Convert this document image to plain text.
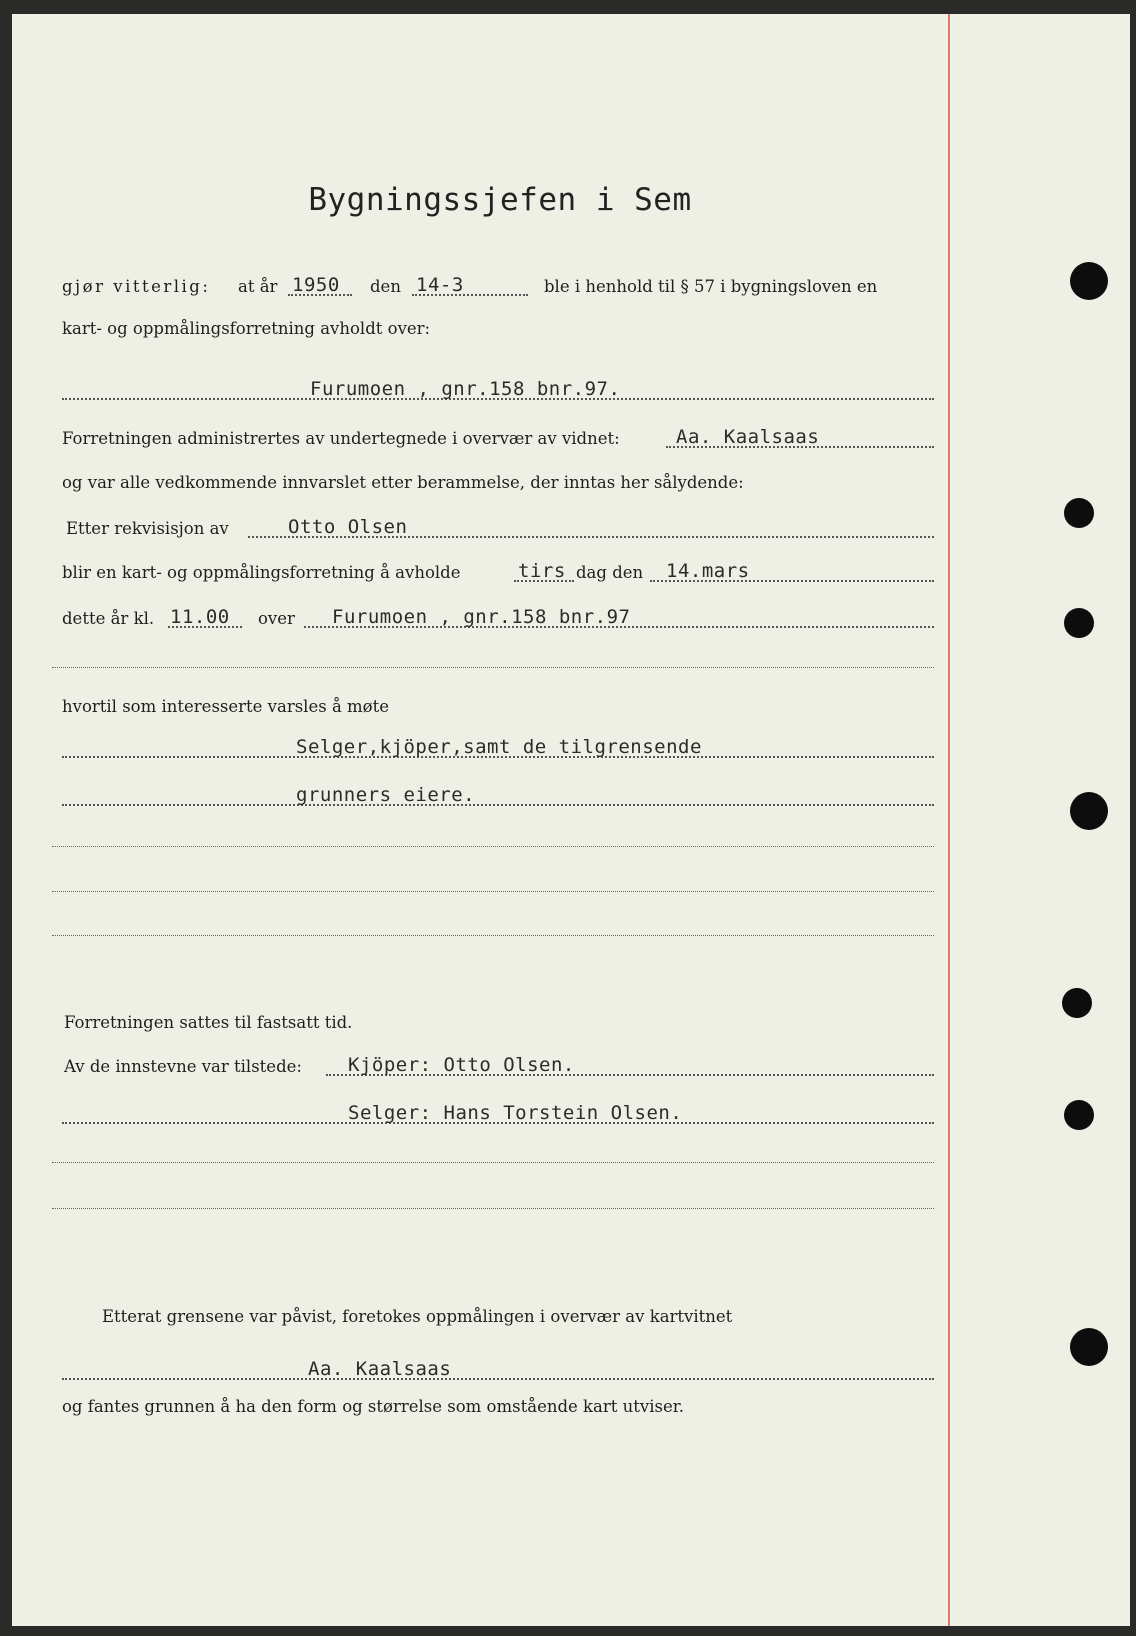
Bygningssjefen i Sem
gjør vitterlig: at år 1950 den 14-3	ble i henhold til § 57 i bygningsloven en
kart- og oppmålingsforretning avholdt over:
Furumoen , gnr.158 bnr.97.
Forretningen administrertes av undertegnede i overvær av vidnet:	Aa. Kaalsaas
og var alle vedkommende innvarslet etter berammelse, der inntas her sålydende:
Etter rekvisisjon av	Otto Olsen
blir en kart- og oppmålingsforretning å avholde	tirs dag den 14.mars
dette år kl. 11.00 over Furumoen , gnr.158 bnr.97
hvortil som interesserte varsles å møte
Selger,kjöper,samt de tilgrensende
grunners eiere.
Forretningen sattes til fastsatt tid.
Av de innstevne var tilstede: Kjöper: Otto Olsen.
Selger: Hans Torstein Olsen.
Etterat grensene var påvist, foretokes oppmålingen i overvær av kartvitnet
Aa. Kaalsaas
og fantes grunnen å ha den form og størrelse som omstående kart utviser.
